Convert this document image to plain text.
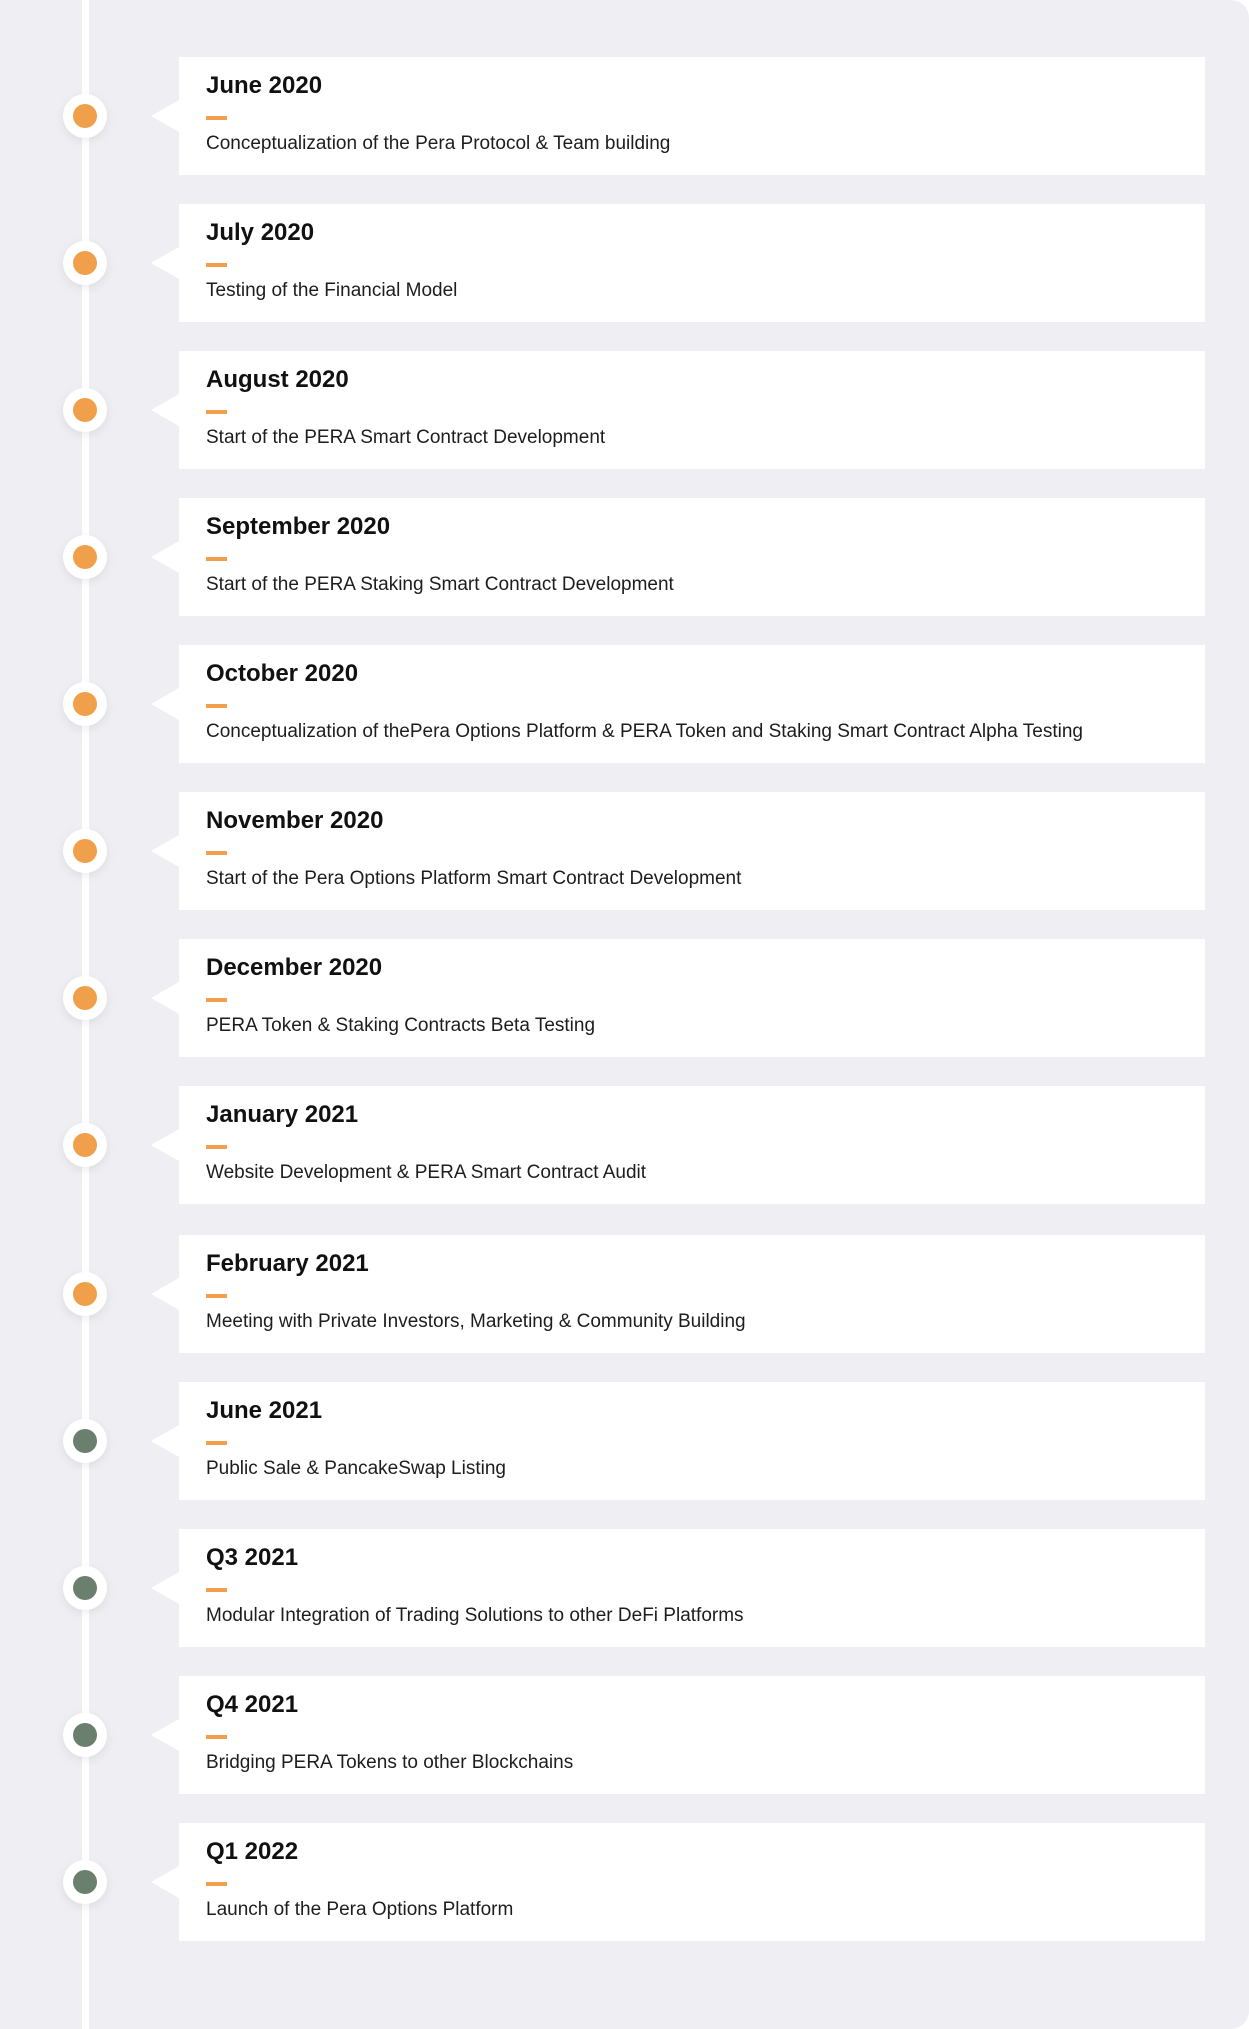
June 2020
Conceptualization of the Pera Protocol & Team building
July 2020
Testing of the Financial Model
August 2020
Start of the PERA Smart Contract Development
September 2020
Start of the PERA Staking Smart Contract Development
October 2020
Conceptualization of thePera Options Platform & PERA Token and Staking Smart Contract Alpha Testing
November 2020
Start of the Pera Options Platform Smart Contract Development
December 2020
PERA Token & Staking Contracts Beta Testing
January 2021
Website Development & PERA Smart Contract Audit
February 2021
Meeting with Private Investors, Marketing & Community Building
June 2021
Public Sale & PancakeSwap Listing
Q3 2021
Modular Integration of Trading Solutions to other DeFi Platforms
Q4 2021
Bridging PERA Tokens to other Blockchains
Q1 2022
Launch of the Pera Options Platform
